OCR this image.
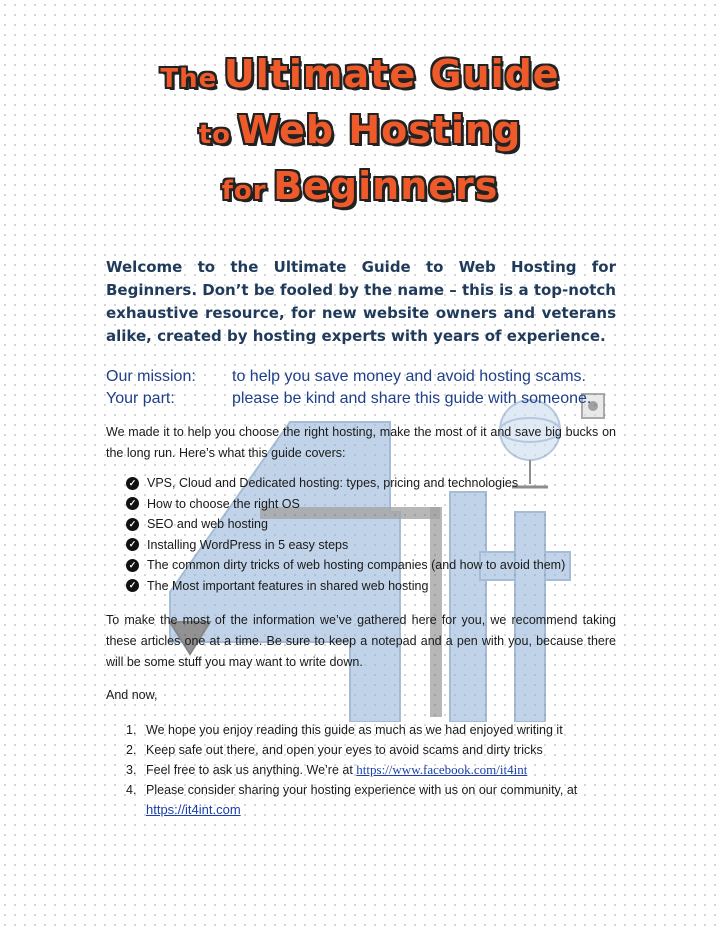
The Ultimate Guide
to Web Hosting
for Beginners
Welcome to the Ultimate Guide to Web Hosting for Beginners. Don’t be fooled by the name – this is a top-notch exhaustive resource, for new website owners and veterans alike, created by hosting experts with years of experience.
Our mission:	to help you save money and avoid hosting scams.
Your part:	please be kind and share this guide with someone.
We made it to help you choose the right hosting, make the most of it and save big bucks on the long run. Here’s what this guide covers:
✓ VPS, Cloud and Dedicated hosting: types, pricing and technologies
✓ How to choose the right OS
✓ SEO and web hosting
✓ Installing WordPress in 5 easy steps
✓ The common dirty tricks of web hosting companies (and how to avoid them)
✓ The Most important features in shared web hosting
To make the most of the information we’ve gathered here for you, we recommend taking these articles one at a time. Be sure to keep a notepad and a pen with you, because there will be some stuff you may want to write down.
And now,
1. We hope you enjoy reading this guide as much as we had enjoyed writing it
2. Keep safe out there, and open your eyes to avoid scams and dirty tricks
3. Feel free to ask us anything. We’re at https://www.facebook.com/it4int
4. Please consider sharing your hosting experience with us on our community, at https://it4int.com
